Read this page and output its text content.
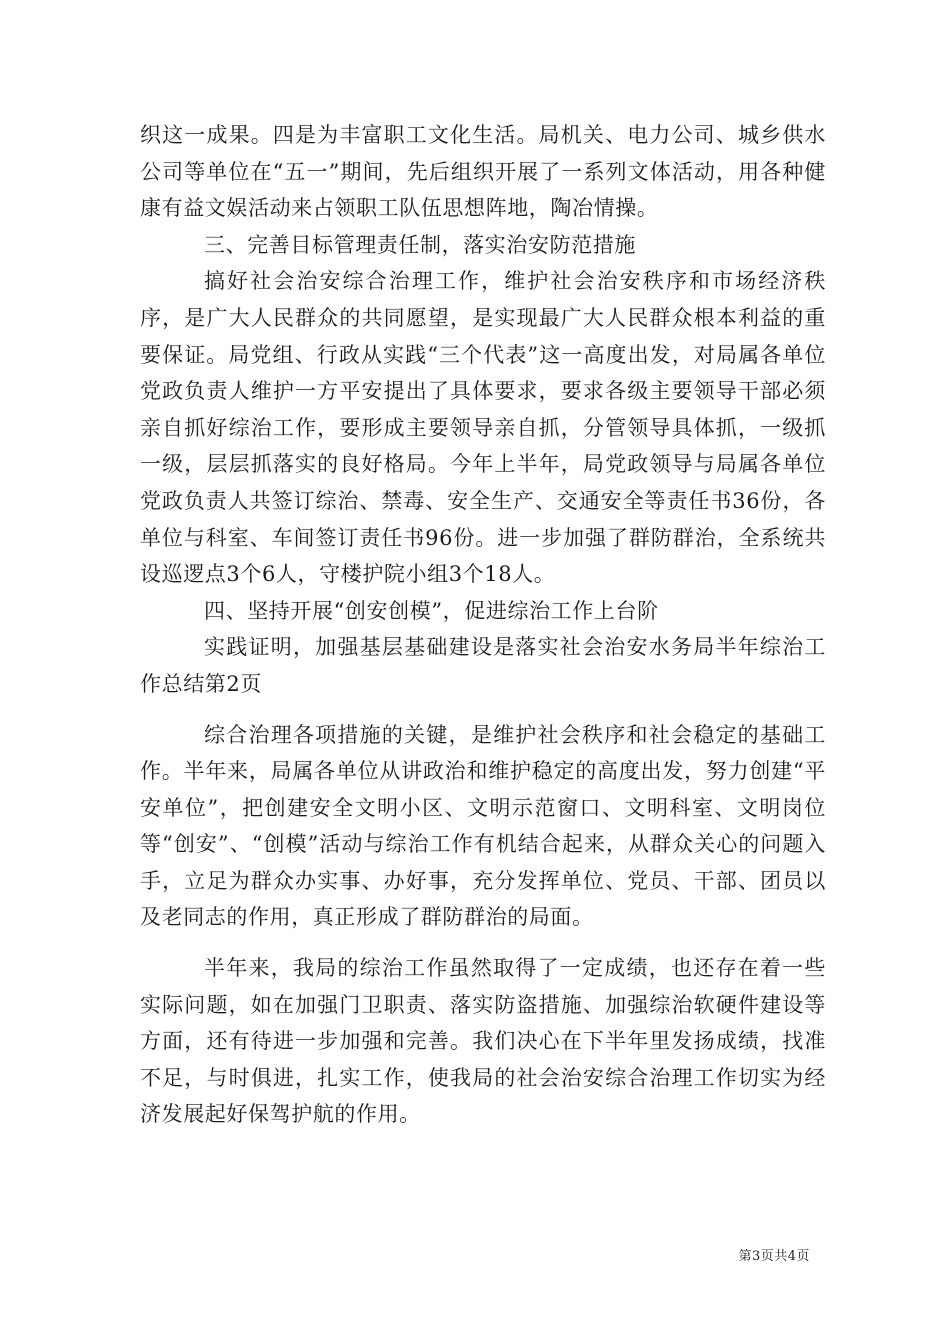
织这一成果。四是为丰富职工文化生活。局机关、电力公司、城乡供水公司等单位在“五一”期间，先后组织开展了一系列文体活动，用各种健康有益文娱活动来占领职工队伍思想阵地，陶冶情操。

三、完善目标管理责任制，落实治安防范措施

搞好社会治安综合治理工作，维护社会治安秩序和市场经济秩序，是广大人民群众的共同愿望，是实现最广大人民群众根本利益的重要保证。局党组、行政从实践“三个代表”这一高度出发，对局属各单位党政负责人维护一方平安提出了具体要求，要求各级主要领导干部必须亲自抓好综治工作，要形成主要领导亲自抓，分管领导具体抓，一级抓一级，层层抓落实的良好格局。今年上半年，局党政领导与局属各单位党政负责人共签订综治、禁毒、安全生产、交通安全等责任书36份，各单位与科室、车间签订责任书96份。进一步加强了群防群治，全系统共设巡逻点3个6人，守楼护院小组3个18人。

四、坚持开展“创安创模”，促进综治工作上台阶

实践证明，加强基层基础建设是落实社会治安水务局半年综治工作总结第2页

综合治理各项措施的关键，是维护社会秩序和社会稳定的基础工作。半年来，局属各单位从讲政治和维护稳定的高度出发，努力创建“平安单位”，把创建安全文明小区、文明示范窗口、文明科室、文明岗位等“创安”、“创模”活动与综治工作有机结合起来，从群众关心的问题入手，立足为群众办实事、办好事，充分发挥单位、党员、干部、团员以及老同志的作用，真正形成了群防群治的局面。

半年来，我局的综治工作虽然取得了一定成绩，也还存在着一些实际问题，如在加强门卫职责、落实防盗措施、加强综治软硬件建设等方面，还有待进一步加强和完善。我们决心在下半年里发扬成绩，找准不足，与时俱进，扎实工作，使我局的社会治安综合治理工作切实为经济发展起好保驾护航的作用。

第3页共4页
